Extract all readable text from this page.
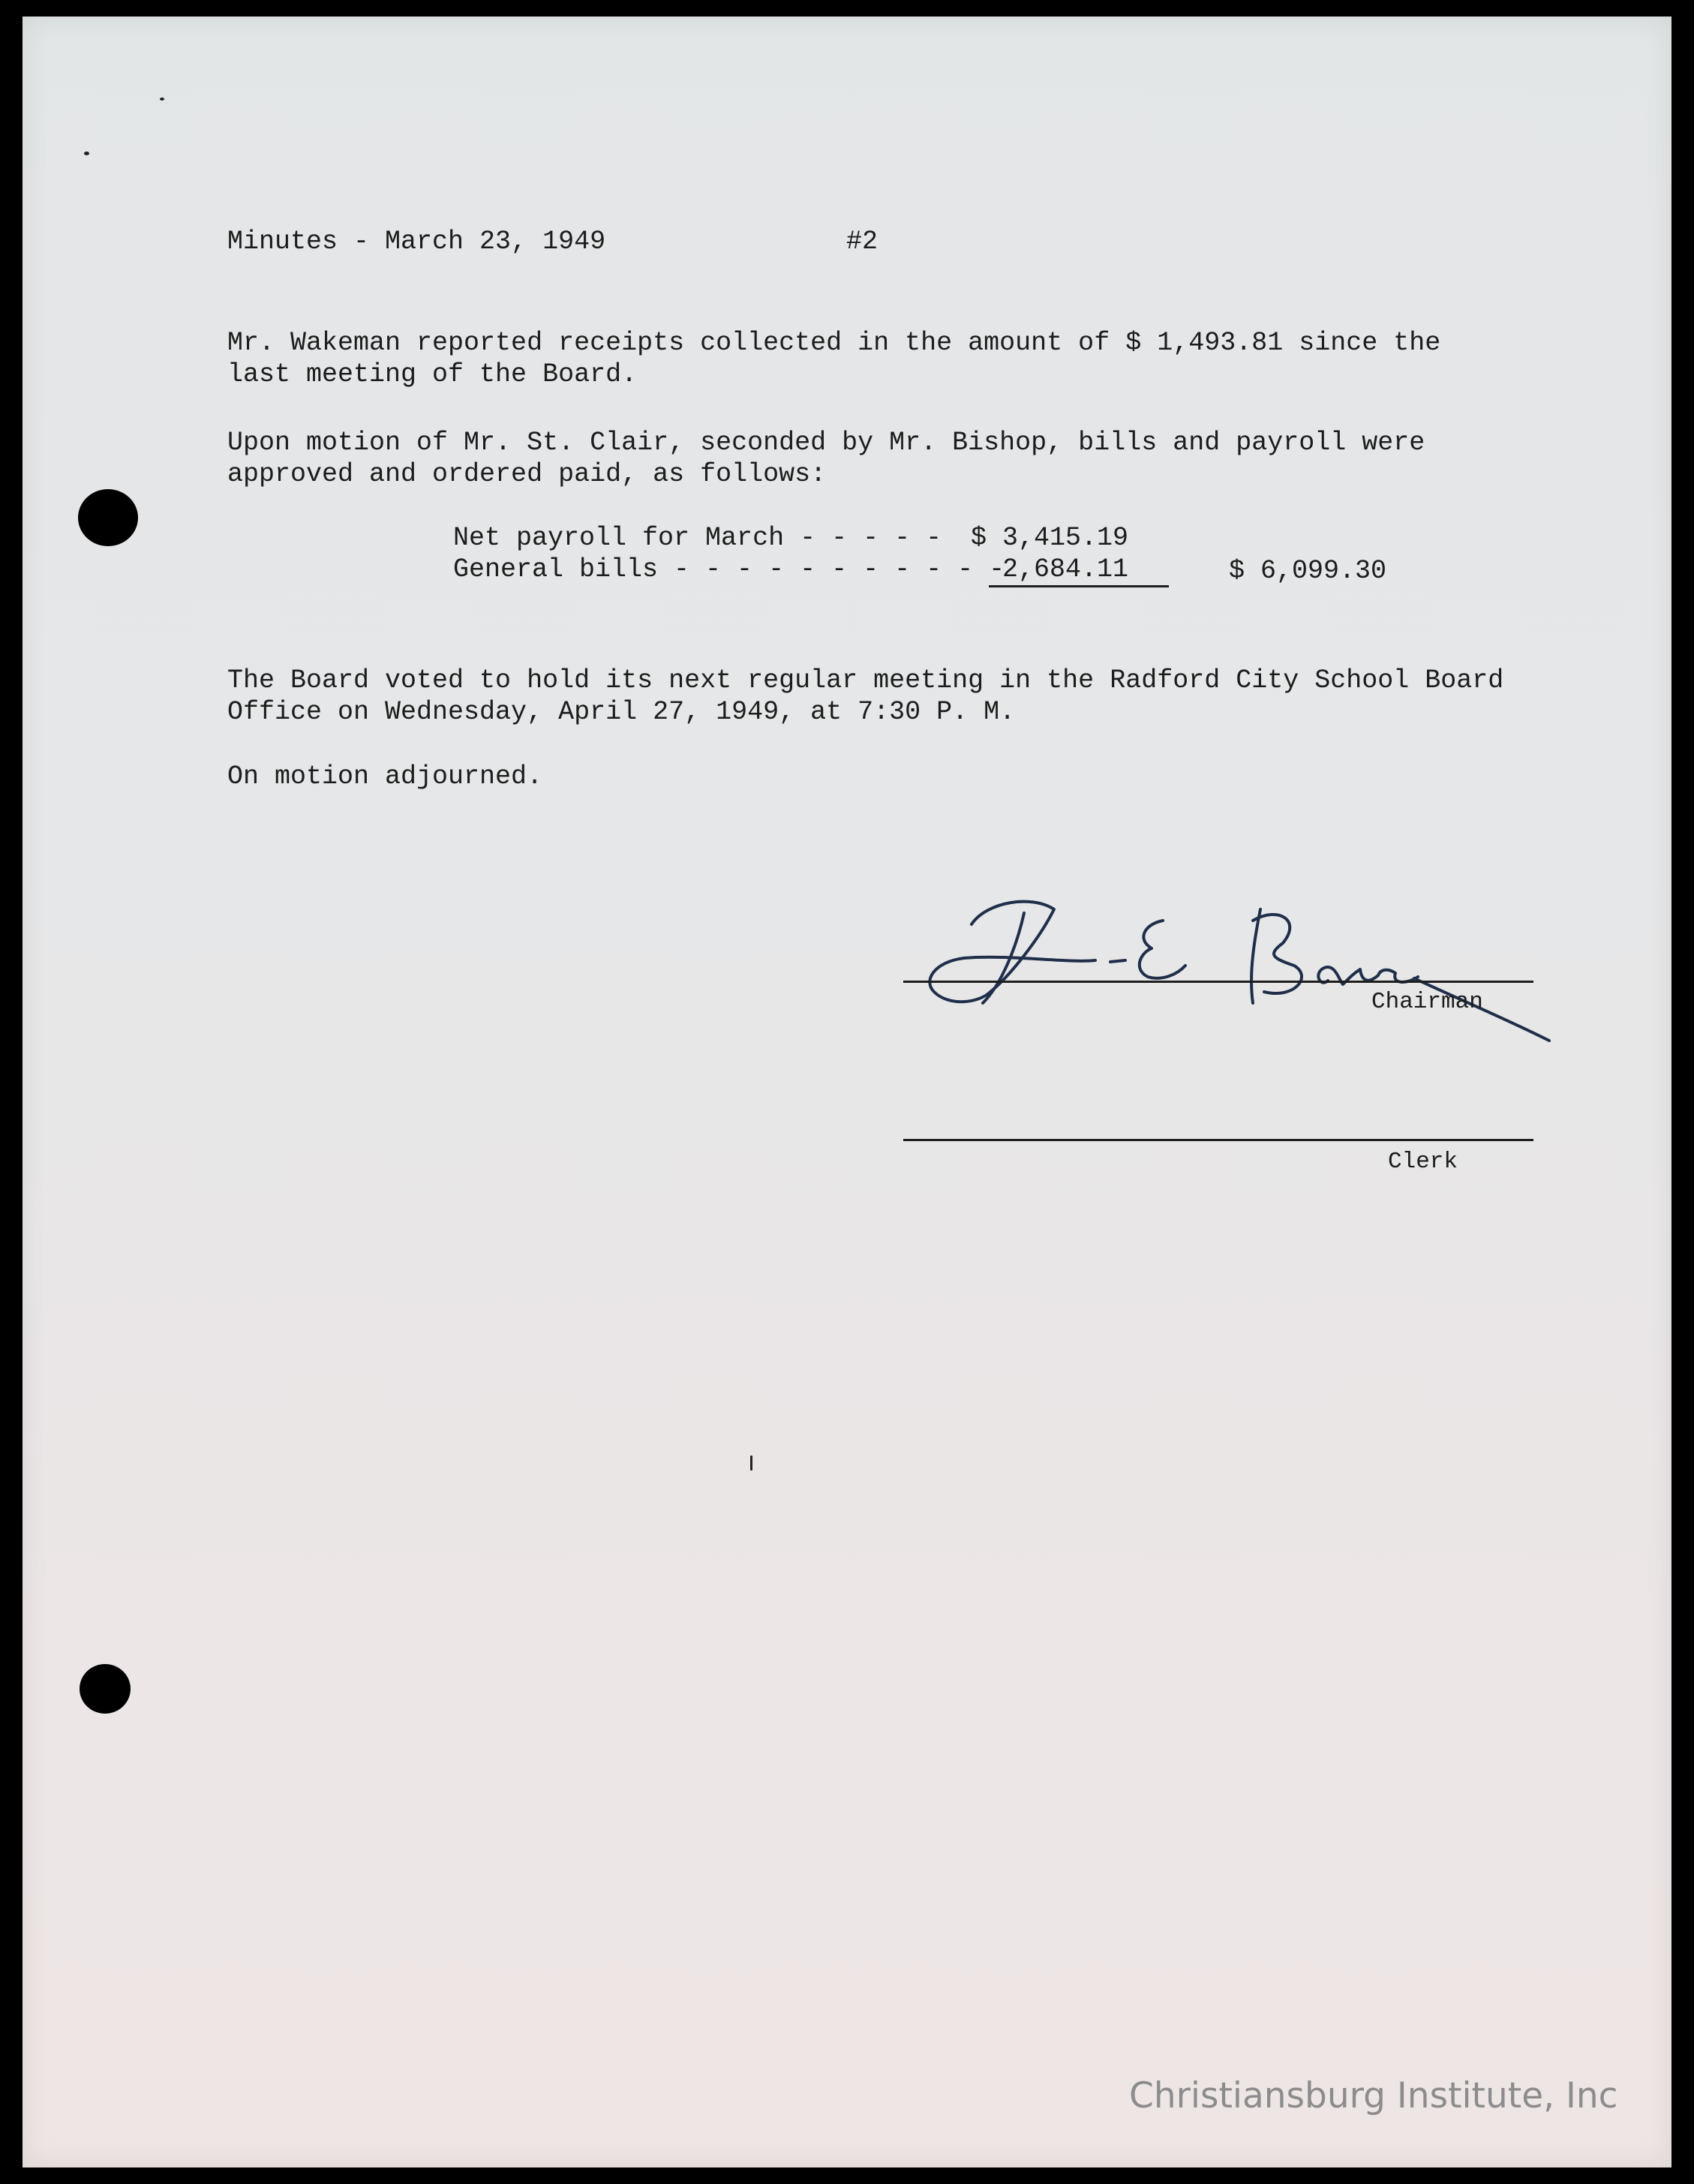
Minutes - March 23, 1949	#2
Mr. Wakeman reported receipts collected in the amount of $ 1,493.81 since the
last meeting of the Board.
Upon motion of Mr. St. Clair, seconded by Mr. Bishop, bills and payroll were
approved and ordered paid, as follows:
Net payroll for March - - - - - $ 3,415.19
General bills - - - - - - - - - - -
2,684.11	$ 6,099.30
The Board voted to hold its next regular meeting in the Radford City School Board
Office on Wednesday, April 27, 1949, at 7:30 P. M.
On motion adjourned.
Chairman
Clerk
Christiansburg Institute, Inc
